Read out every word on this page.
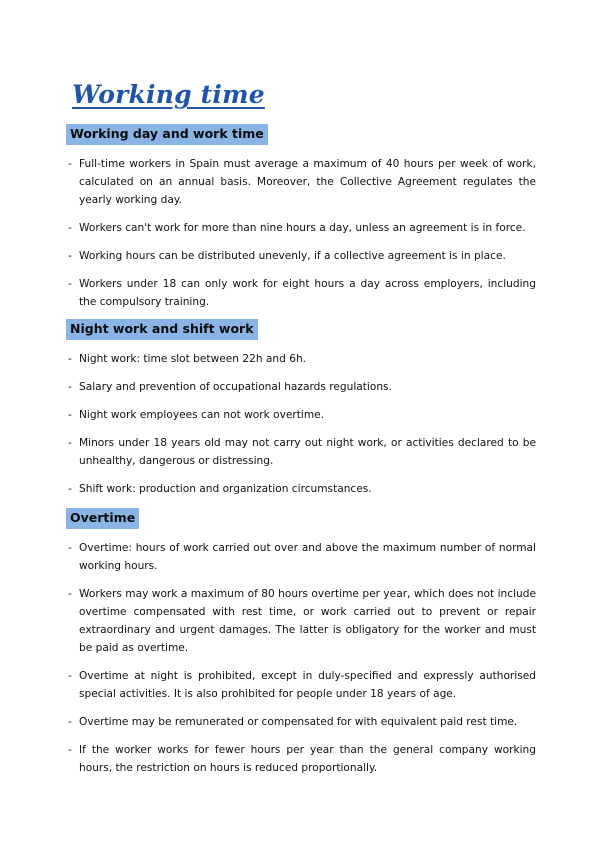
Working time
Working day and work time
- Full-time workers in Spain must average a maximum of 40 hours per week of work, calculated on an annual basis. Moreover, the Collective Agreement regulates the yearly working day.
- Workers can't work for more than nine hours a day, unless an agreement is in force.
- Working hours can be distributed unevenly, if a collective agreement is in place.
- Workers under 18 can only work for eight hours a day across employers, including the compulsory training.
Night work and shift work
- Night work: time slot between 22h and 6h.
- Salary and prevention of occupational hazards regulations.
- Night work employees can not work overtime.
- Minors under 18 years old may not carry out night work, or activities declared to be unhealthy, dangerous or distressing.
- Shift work: production and organization circumstances.
Overtime
- Overtime: hours of work carried out over and above the maximum number of normal working hours.
- Workers may work a maximum of 80 hours overtime per year, which does not include overtime compensated with rest time, or work carried out to prevent or repair extraordinary and urgent damages. The latter is obligatory for the worker and must be paid as overtime.
- Overtime at night is prohibited, except in duly-specified and expressly authorised special activities. It is also prohibited for people under 18 years of age.
- Overtime may be remunerated or compensated for with equivalent paid rest time.
- If the worker works for fewer hours per year than the general company working hours, the restriction on hours is reduced proportionally.
